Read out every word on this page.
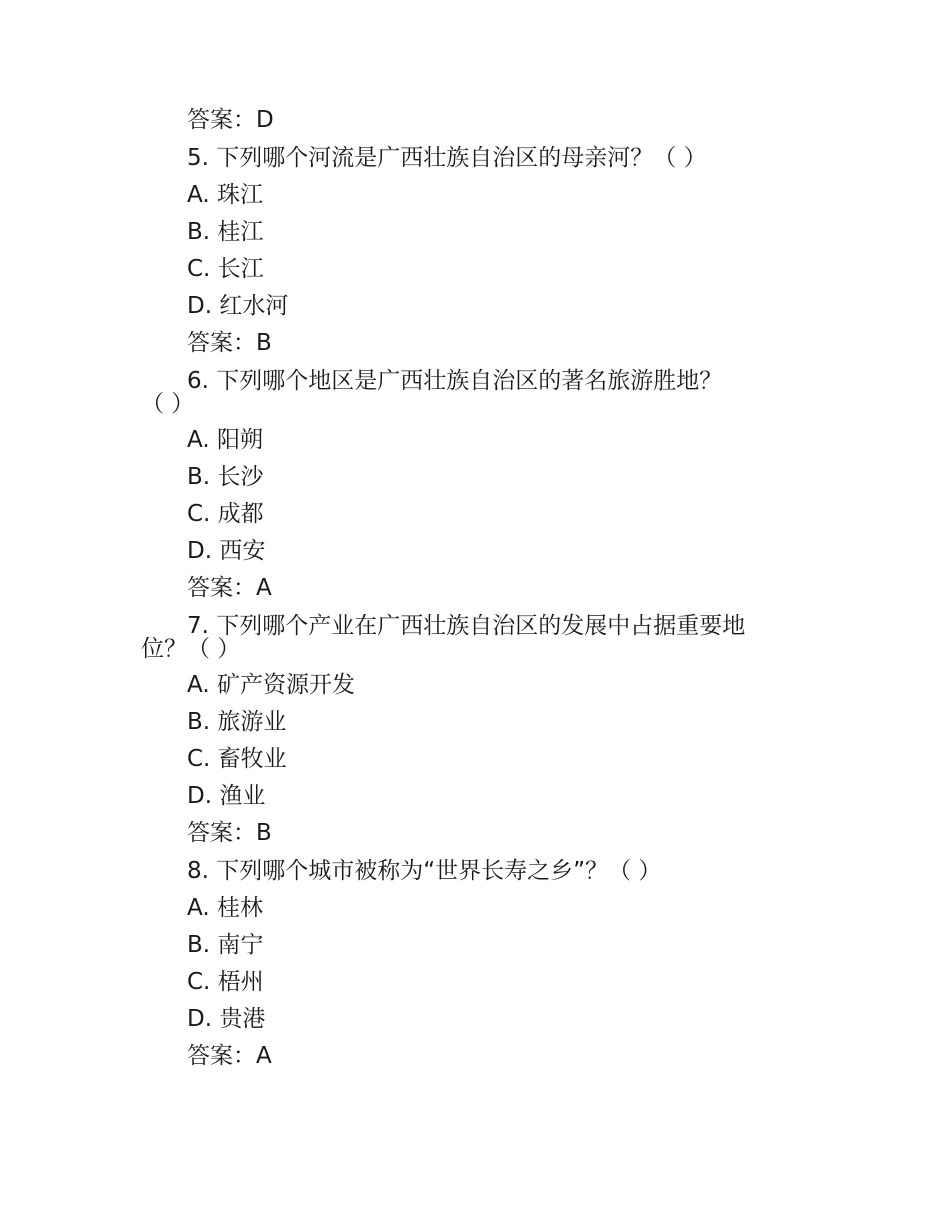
答案：D
5. 下列哪个河流是广西壮族自治区的母亲河？（ ）
A. 珠江
B. 桂江
C. 长江
D. 红水河
答案：B
6. 下列哪个地区是广西壮族自治区的著名旅游胜地？
（ ）
A. 阳朔
B. 长沙
C. 成都
D. 西安
答案：A
7. 下列哪个产业在广西壮族自治区的发展中占据重要地
位？（ ）
A. 矿产资源开发
B. 旅游业
C. 畜牧业
D. 渔业
答案：B
8. 下列哪个城市被称为“世界长寿之乡”？（ ）
A. 桂林
B. 南宁
C. 梧州
D. 贵港
答案：A
